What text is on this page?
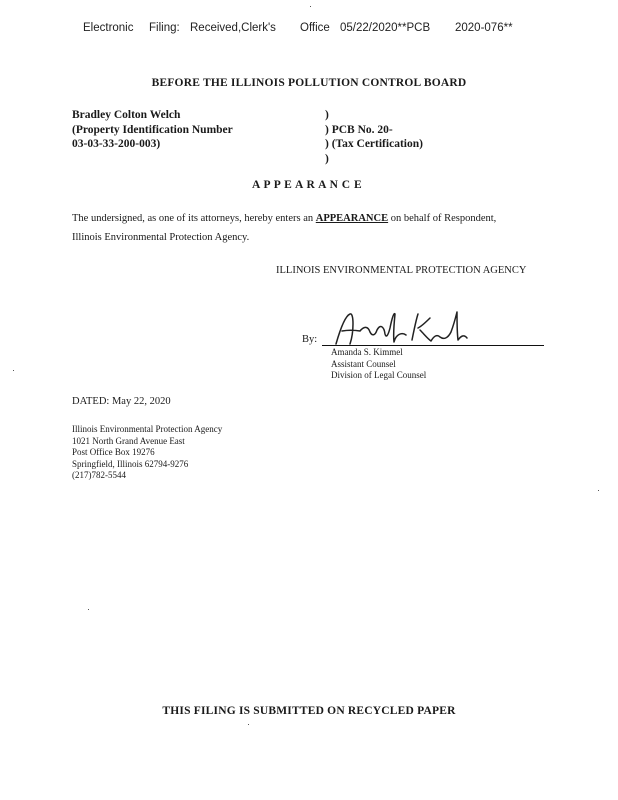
Electronic Filing: Received,Clerk's Office 05/22/2020**PCB 2020-076**
BEFORE THE ILLINOIS POLLUTION CONTROL BOARD
Bradley Colton Welch
(Property Identification Number
03-03-33-200-003)
)
) PCB No. 20-
) (Tax Certification)
)
A P P E A R A N C E
The undersigned, as one of its attorneys, hereby enters an APPEARANCE on behalf of Respondent,
Illinois Environmental Protection Agency.
ILLINOIS ENVIRONMENTAL PROTECTION AGENCY
By:
Amanda S. Kimmel
Assistant Counsel
Division of Legal Counsel
DATED: May 22, 2020
Illinois Environmental Protection Agency
1021 North Grand Avenue East
Post Office Box 19276
Springfield, Illinois 62794-9276
(217)782-5544
THIS FILING IS SUBMITTED ON RECYCLED PAPER
